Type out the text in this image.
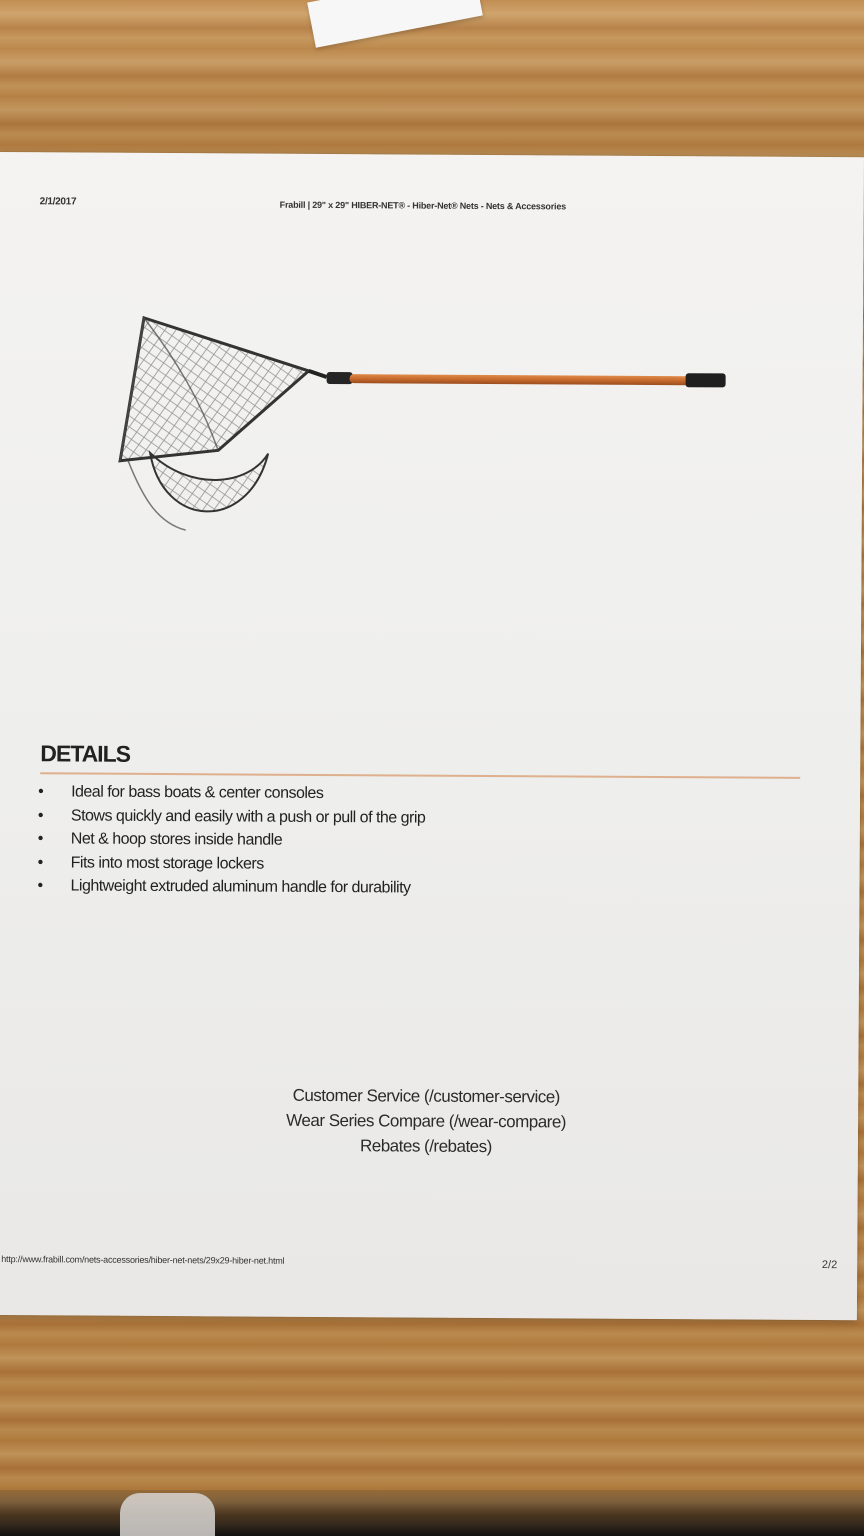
2/1/2017	Frabill | 29" x 29" HIBER-NET® - Hiber-Net® Nets - Nets & Accessories
DETAILS
• Ideal for bass boats & center consoles
• Stows quickly and easily with a push or pull of the grip
• Net & hoop stores inside handle
• Fits into most storage lockers
• Lightweight extruded aluminum handle for durability
Customer Service (/customer-service)
Wear Series Compare (/wear-compare)
Rebates (/rebates)
http://www.frabill.com/nets-accessories/hiber-net-nets/29x29-hiber-net.html	2/2
